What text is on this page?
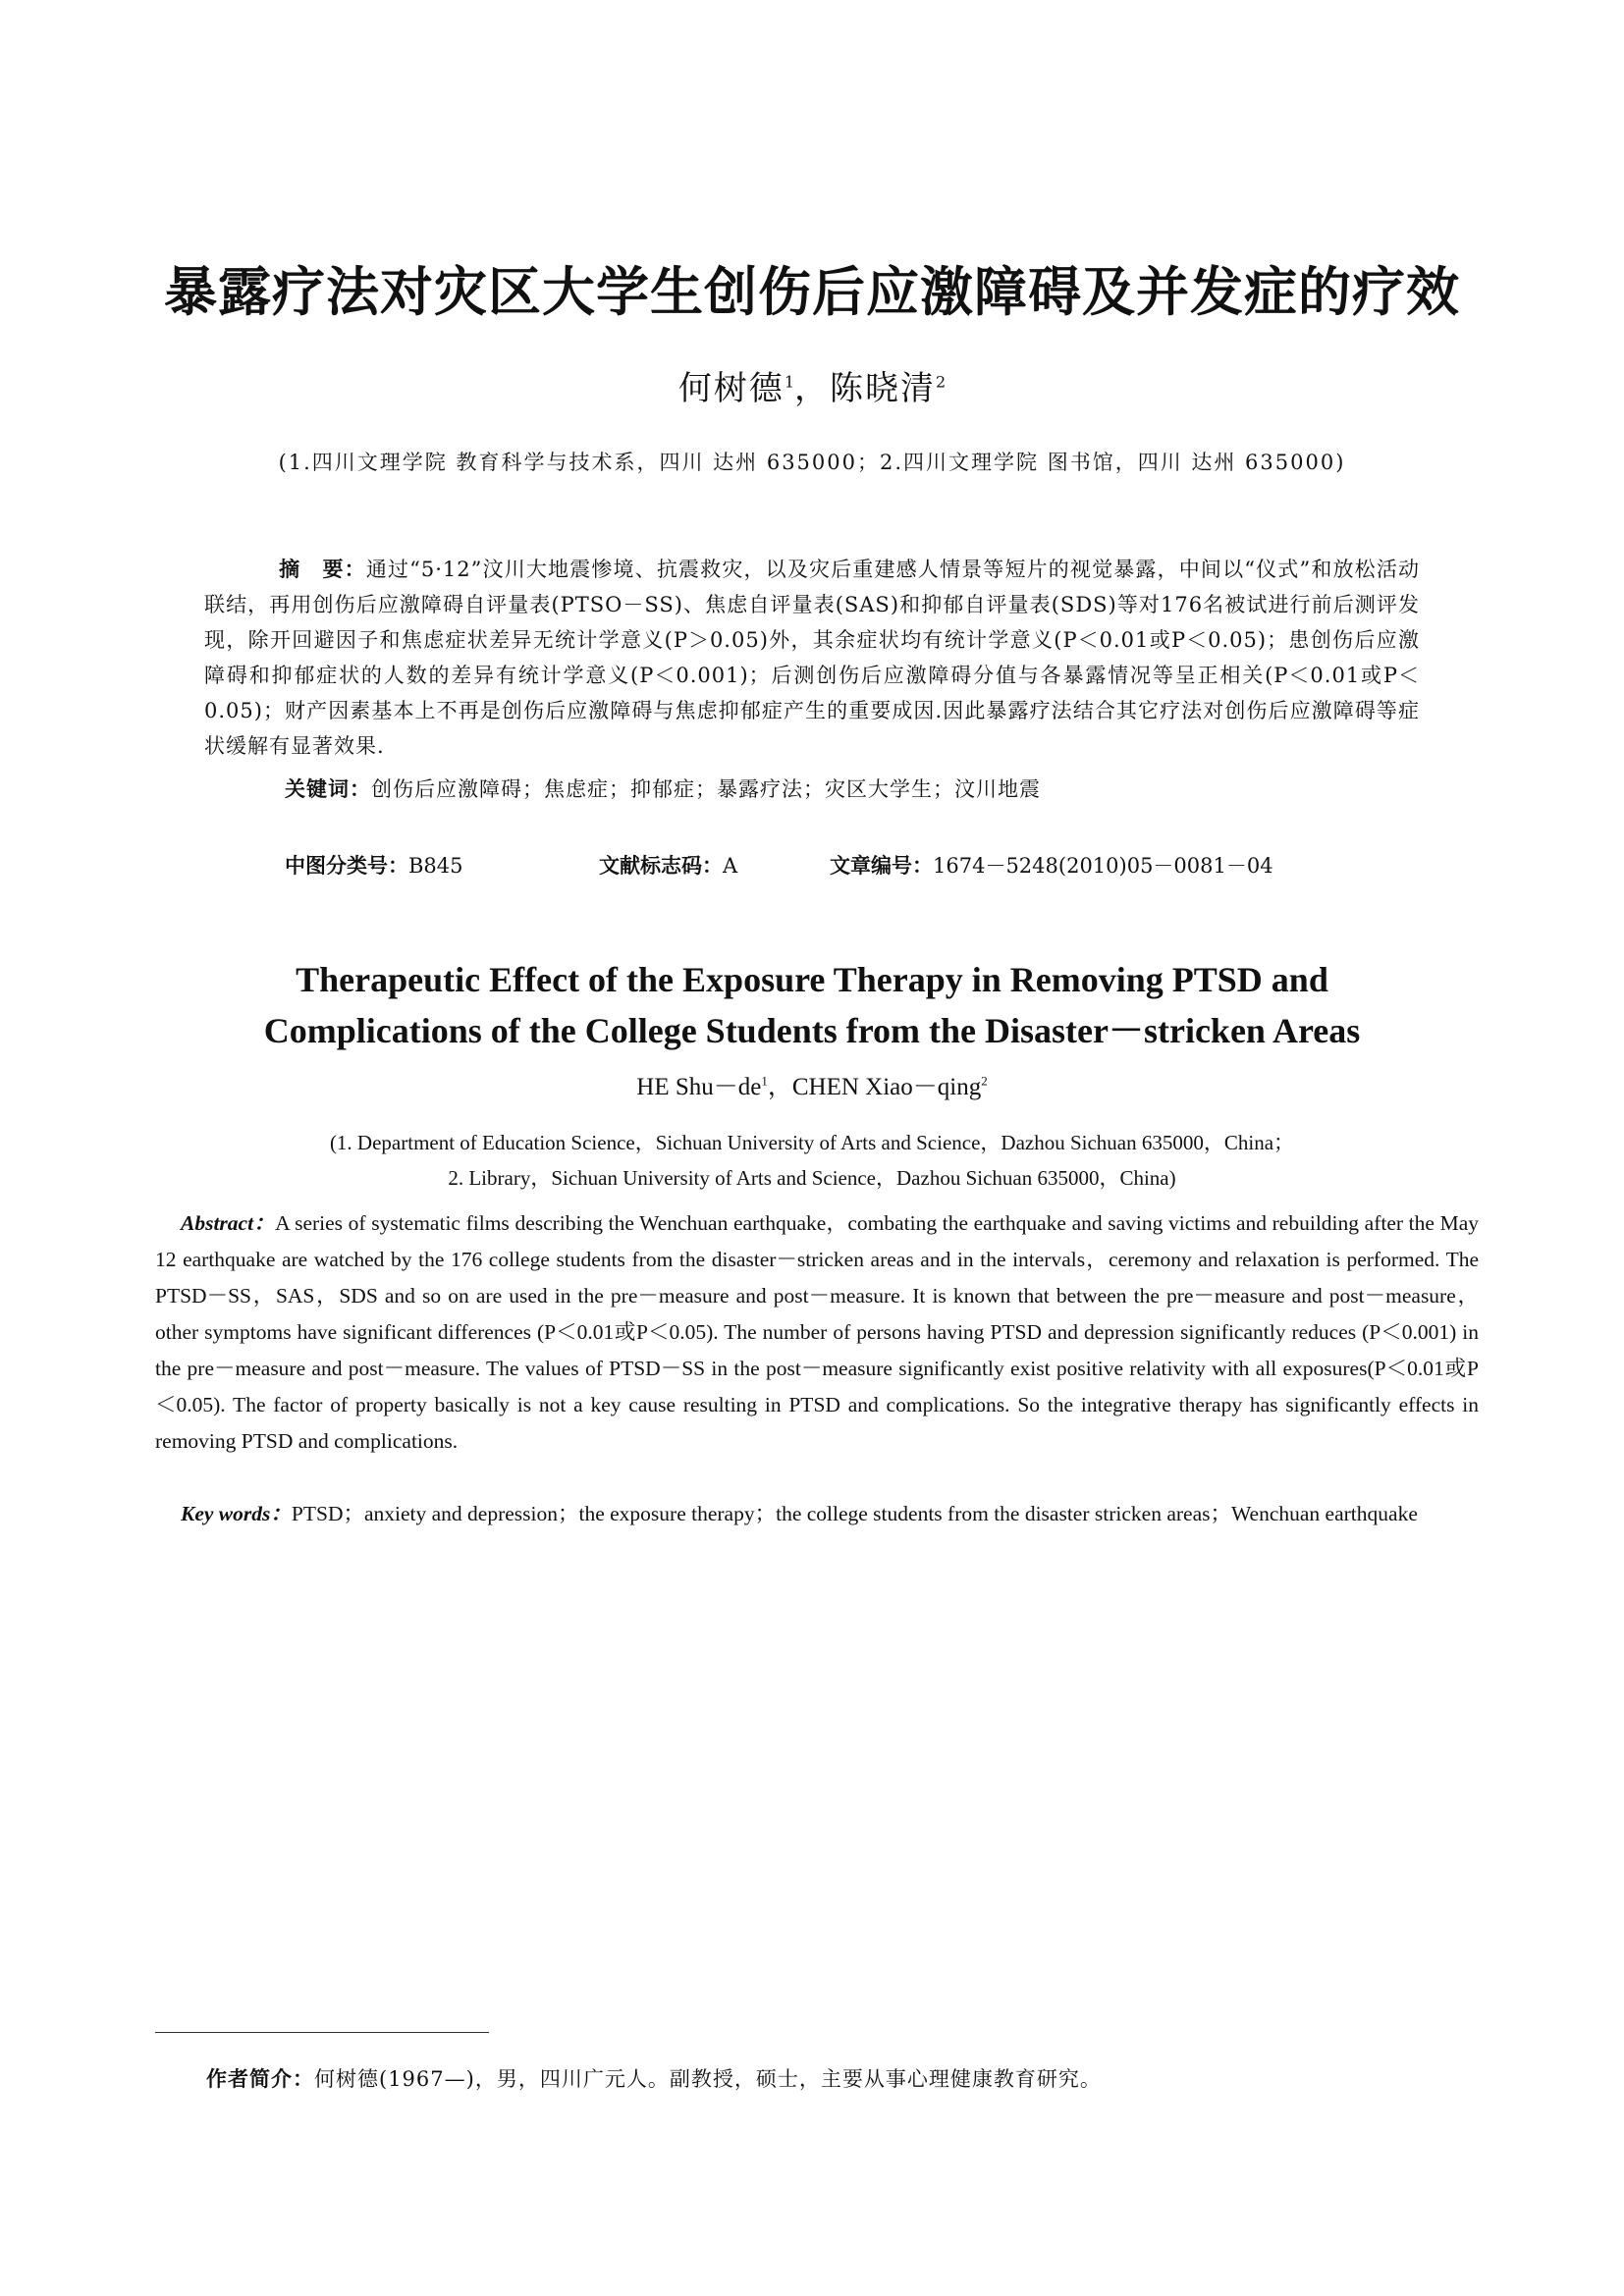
暴露疗法对灾区大学生创伤后应激障碍及并发症的疗效
何树德$^1$，陈晓清$^2$
(1.四川文理学院 教育科学与技术系，四川 达州 635000；2.四川文理学院 图书馆，四川 达州 635000)
摘　要：通过“5·12”汶川大地震惨境、抗震救灾，以及灾后重建感人情景等短片的视觉暴露，中间以“仪式”和放松活动联结，再用创伤后应激障碍自评量表(PTSO－SS)、焦虑自评量表(SAS)和抑郁自评量表(SDS)等对176名被试进行前后测评发现，除开回避因子和焦虑症状差异无统计学意义(P＞0.05)外，其余症状均有统计学意义(P＜0.01或P＜0.05)；患创伤后应激障碍和抑郁症状的人数的差异有统计学意义(P＜0.001)；后测创伤后应激障碍分值与各暴露情况等呈正相关(P＜0.01或P＜0.05)；财产因素基本上不再是创伤后应激障碍与焦虑抑郁症产生的重要成因.因此暴露疗法结合其它疗法对创伤后应激障碍等症状缓解有显著效果.
关键词：创伤后应激障碍；焦虑症；抑郁症；暴露疗法；灾区大学生；汶川地震
中图分类号：B845	文献标志码：A	文章编号：1674－5248(2010)05－0081－04
Therapeutic Effect of the Exposure Therapy in Removing PTSD and
Complications of the College Students from the Disaster－stricken Areas
HE $Shu-de^1$，CHEN Xiao－qing$^2$
(1. Department of Education Science，Sichuan University of Arts and Science，Dazhou Sichuan 635000，China；
2. Library，Sichuan University of Arts and Science，Dazhou Sichuan 635000，China)
Abstract：A series of systematic films describing the Wenchuan earthquake，combating the earthquake and saving victims and rebuilding after the May 12 earthquake are watched by the 176 college students from the disaster－stricken areas and in the intervals，ceremony and relaxation is performed. The PTSD－SS，SAS，SDS and so on are used in the pre－measure and post－measure. It is known that between the pre－measure and post－measure，other symptoms have significant differences (P＜0.01或P＜0.05). The number of persons having PTSD and depression significantly reduces (P＜0.001) in the pre－measure and post－measure. The values of PTSD－SS in the post－measure significantly exist positive relativity with all exposures(P＜0.01或P＜0.05). The factor of property basically is not a key cause resulting in PTSD and complications. So the integrative therapy has significantly effects in removing PTSD and complications.
Key words：PTSD；anxiety and depression；the exposure therapy；the college students from the disaster stricken areas；Wenchuan earthquake
作者简介：何树德(1967—)，男，四川广元人。副教授，硕士，主要从事心理健康教育研究。
